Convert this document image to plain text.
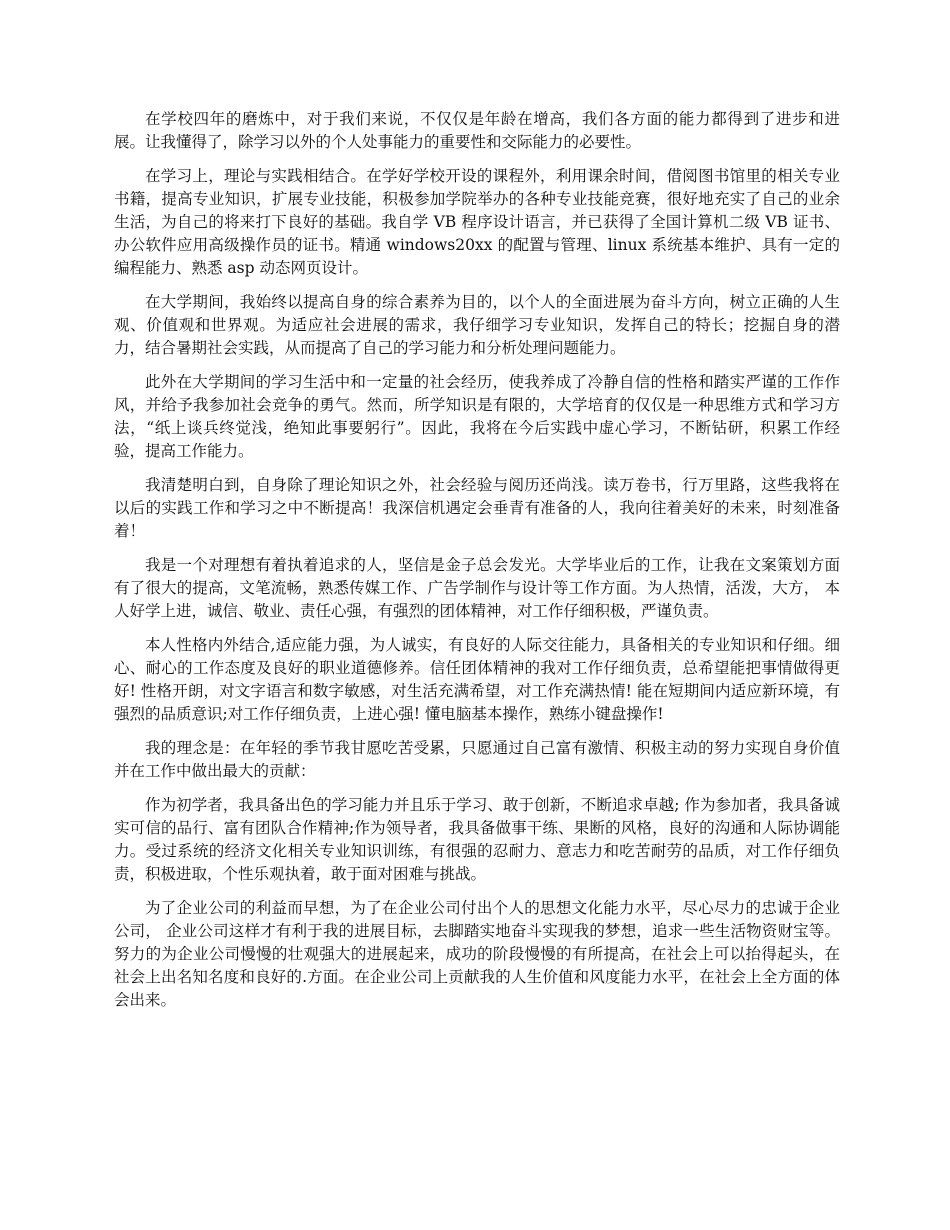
在学校四年的磨炼中，对于我们来说，不仅仅是年龄在增高，我们各方面的能力都得到了进步和进展。让我懂得了，除学习以外的个人处事能力的重要性和交际能力的必要性。

在学习上，理论与实践相结合。在学好学校开设的课程外，利用课余时间，借阅图书馆里的相关专业书籍，提高专业知识，扩展专业技能，积极参加学院举办的各种专业技能竞赛，很好地充实了自己的业余生活，为自己的将来打下良好的基础。我自学 VB 程序设计语言，并已获得了全国计算机二级 VB 证书、办公软件应用高级操作员的证书。精通 windows20xx 的配置与管理、linux 系统基本维护、具有一定的编程能力、熟悉 asp 动态网页设计。

在大学期间，我始终以提高自身的综合素养为目的，以个人的全面进展为奋斗方向，树立正确的人生观、价值观和世界观。为适应社会进展的需求，我仔细学习专业知识，发挥自己的特长；挖掘自身的潜力，结合暑期社会实践，从而提高了自己的学习能力和分析处理问题能力。

此外在大学期间的学习生活中和一定量的社会经历，使我养成了冷静自信的性格和踏实严谨的工作作风，并给予我参加社会竞争的勇气。然而，所学知识是有限的，大学培育的仅仅是一种思维方式和学习方法，“纸上谈兵终觉浅，绝知此事要躬行”。因此，我将在今后实践中虚心学习，不断钻研，积累工作经验，提高工作能力。

我清楚明白到，自身除了理论知识之外，社会经验与阅历还尚浅。读万卷书，行万里路，这些我将在以后的实践工作和学习之中不断提高！我深信机遇定会垂青有准备的人，我向往着美好的未来，时刻准备着！

我是一个对理想有着执着追求的人，坚信是金子总会发光。大学毕业后的工作，让我在文案策划方面有了很大的提高，文笔流畅，熟悉传媒工作、广告学制作与设计等工作方面。为人热情，活泼，大方， 本人好学上进，诚信、敬业、责任心强，有强烈的团体精神，对工作仔细积极，严谨负责。

本人性格内外结合,适应能力强，为人诚实，有良好的人际交往能力，具备相关的专业知识和仔细。细心、耐心的工作态度及良好的职业道德修养。信任团体精神的我对工作仔细负责，总希望能把事情做得更好! 性格开朗，对文字语言和数字敏感，对生活充满希望，对工作充满热情! 能在短期间内适应新环境，有强烈的品质意识;对工作仔细负责，上进心强! 懂电脑基本操作，熟练小键盘操作!

我的理念是：在年轻的季节我甘愿吃苦受累，只愿通过自己富有激情、积极主动的努力实现自身价值并在工作中做出最大的贡献：

作为初学者，我具备出色的学习能力并且乐于学习、敢于创新，不断追求卓越; 作为参加者，我具备诚实可信的品行、富有团队合作精神;作为领导者，我具备做事干练、果断的风格，良好的沟通和人际协调能力。受过系统的经济文化相关专业知识训练，有很强的忍耐力、意志力和吃苦耐劳的品质，对工作仔细负责，积极进取，个性乐观执着，敢于面对困难与挑战。

为了企业公司的利益而早想，为了在企业公司付出个人的思想文化能力水平，尽心尽力的忠诚于企业公司， 企业公司这样才有利于我的进展目标，去脚踏实地奋斗实现我的梦想，追求一些生活物资财宝等。努力的为企业公司慢慢的壮观强大的进展起来，成功的阶段慢慢的有所提高，在社会上可以抬得起头，在社会上出名知名度和良好的.方面。在企业公司上贡献我的人生价值和风度能力水平，在社会上全方面的体会出来。
